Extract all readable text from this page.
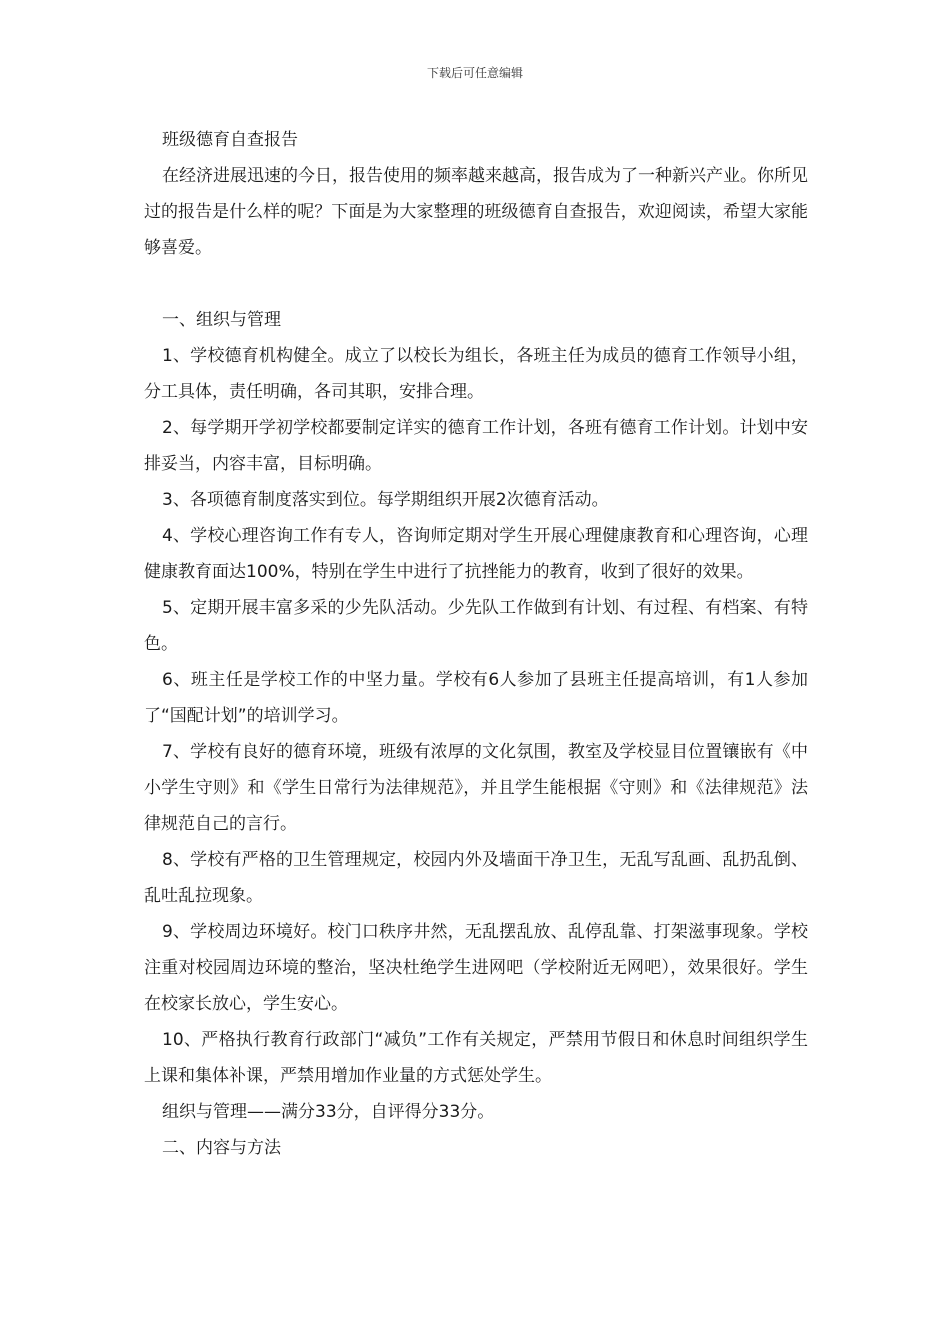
下载后可任意编辑

班级德育自查报告

在经济进展迅速的今日，报告使用的频率越来越高，报告成为了一种新兴产业。你所见过的报告是什么样的呢？下面是为大家整理的班级德育自查报告，欢迎阅读，希望大家能够喜爱。

一、组织与管理

1、学校德育机构健全。成立了以校长为组长，各班主任为成员的德育工作领导小组，分工具体，责任明确，各司其职，安排合理。

2、每学期开学初学校都要制定详实的德育工作计划，各班有德育工作计划。计划中安排妥当，内容丰富，目标明确。

3、各项德育制度落实到位。每学期组织开展2次德育活动。

4、学校心理咨询工作有专人，咨询师定期对学生开展心理健康教育和心理咨询，心理健康教育面达100%，特别在学生中进行了抗挫能力的教育，收到了很好的效果。

5、定期开展丰富多采的少先队活动。少先队工作做到有计划、有过程、有档案、有特色。

6、班主任是学校工作的中坚力量。学校有6人参加了县班主任提高培训，有1人参加了“国配计划”的培训学习。

7、学校有良好的德育环境，班级有浓厚的文化氛围，教室及学校显目位置镶嵌有《中小学生守则》和《学生日常行为法律规范》，并且学生能根据《守则》和《法律规范》法律规范自己的言行。

8、学校有严格的卫生管理规定，校园内外及墙面干净卫生，无乱写乱画、乱扔乱倒、乱吐乱拉现象。

9、学校周边环境好。校门口秩序井然，无乱摆乱放、乱停乱靠、打架滋事现象。学校注重对校园周边环境的整治，坚决杜绝学生进网吧（学校附近无网吧），效果很好。学生在校家长放心，学生安心。

10、严格执行教育行政部门“减负”工作有关规定，严禁用节假日和休息时间组织学生上课和集体补课，严禁用增加作业量的方式惩处学生。

组织与管理——满分33分，自评得分33分。

二、内容与方法
